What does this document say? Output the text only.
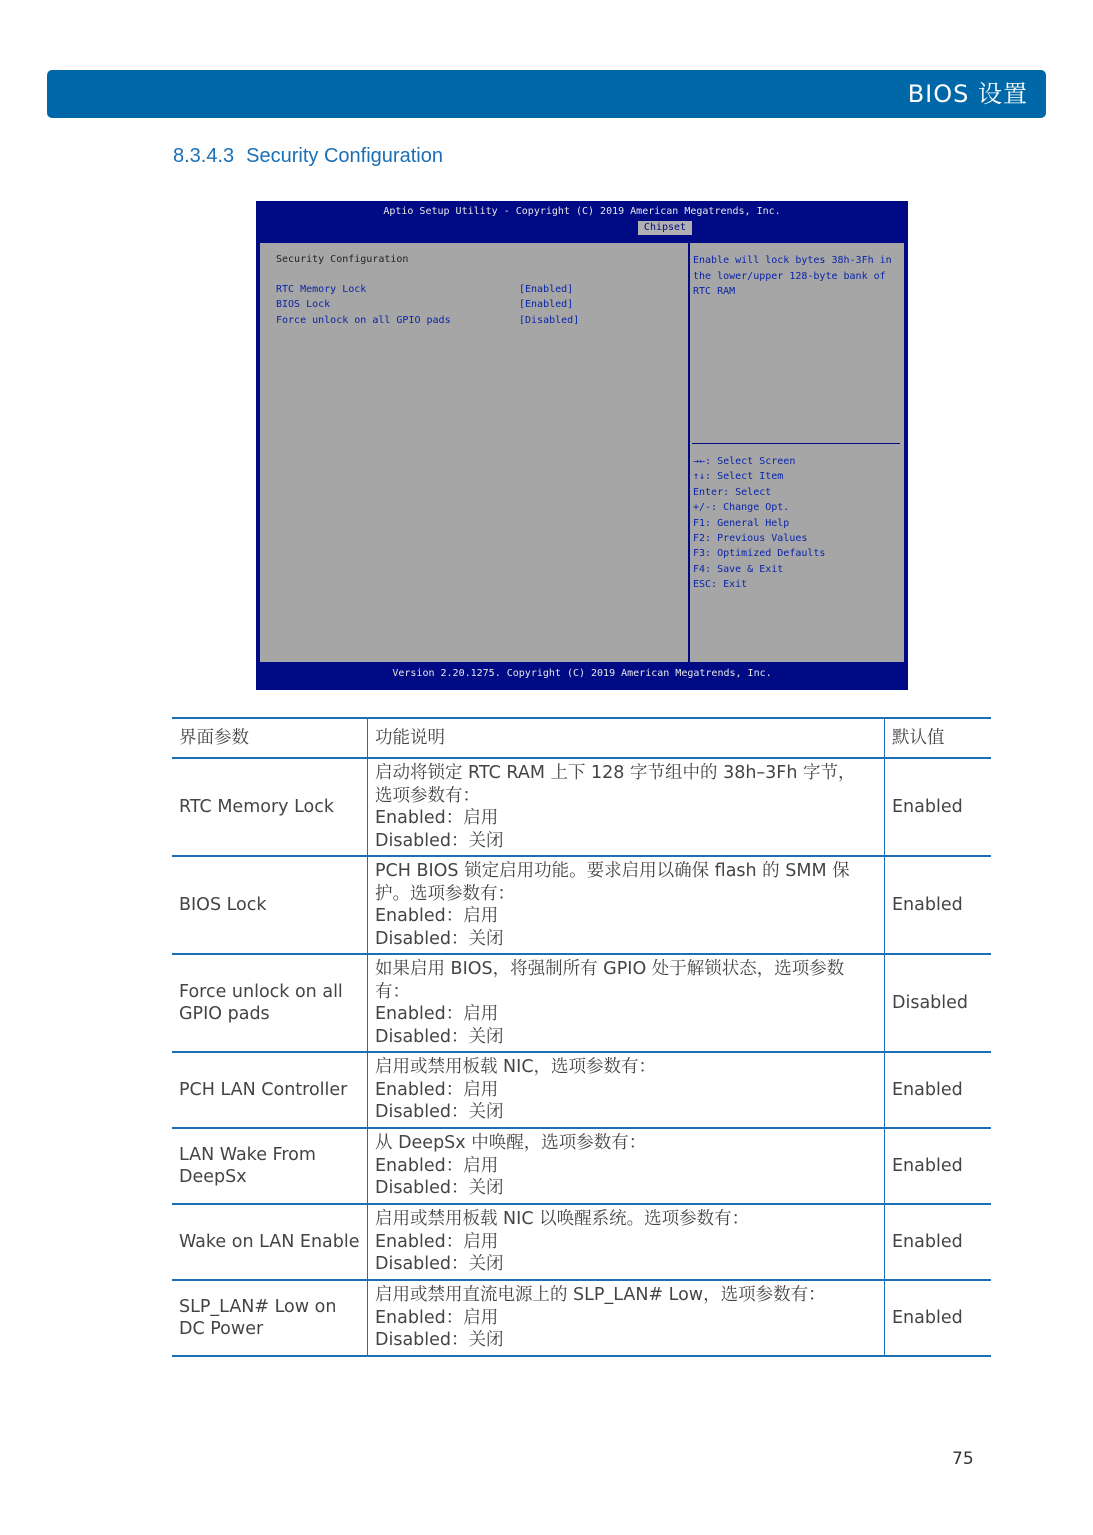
BIOS 设置
8.3.4.3 Security Configuration
Aptio Setup Utility - Copyright (C) 2019 American Megatrends, Inc.
Chipset
Security Configuration
RTC Memory Lock	[Enabled]
BIOS Lock	[Enabled]
Force unlock on all GPIO pads	[Disabled]
Enable will lock bytes 38h-3Fh in the lower/upper 128-byte bank of RTC RAM
→←: Select Screen
↑↓: Select Item
Enter: Select
+/-: Change Opt.
F1: General Help
F2: Previous Values
F3: Optimized Defaults
F4: Save & Exit
ESC: Exit
Version 2.20.1275. Copyright (C) 2019 American Megatrends, Inc.
界面参数	功能说明	默认值
RTC Memory Lock	启动将锁定 RTC RAM 上下 128 字节组中的 38h–3Fh 字节，
选项参数有：
Enabled：启用
Disabled：关闭	Enabled
BIOS Lock	PCH BIOS 锁定启用功能。要求启用以确保 flash 的 SMM 保
护。选项参数有：
Enabled：启用
Disabled：关闭	Enabled
Force unlock on all GPIO pads	如果启用 BIOS，将强制所有 GPIO 处于解锁状态，选项参数有：
Enabled：启用
Disabled：关闭	Disabled
PCH LAN Controller	启用或禁用板载 NIC，选项参数有：
Enabled：启用
Disabled：关闭	Enabled
LAN Wake From DeepSx	从 DeepSx 中唤醒，选项参数有：
Enabled：启用
Disabled：关闭	Enabled
Wake on LAN Enable	启用或禁用板载 NIC 以唤醒系统。选项参数有：
Enabled：启用
Disabled：关闭	Enabled
SLP_LAN# Low on DC Power	启用或禁用直流电源上的 SLP_LAN# Low，选项参数有：
Enabled：启用
Disabled：关闭	Enabled
75
